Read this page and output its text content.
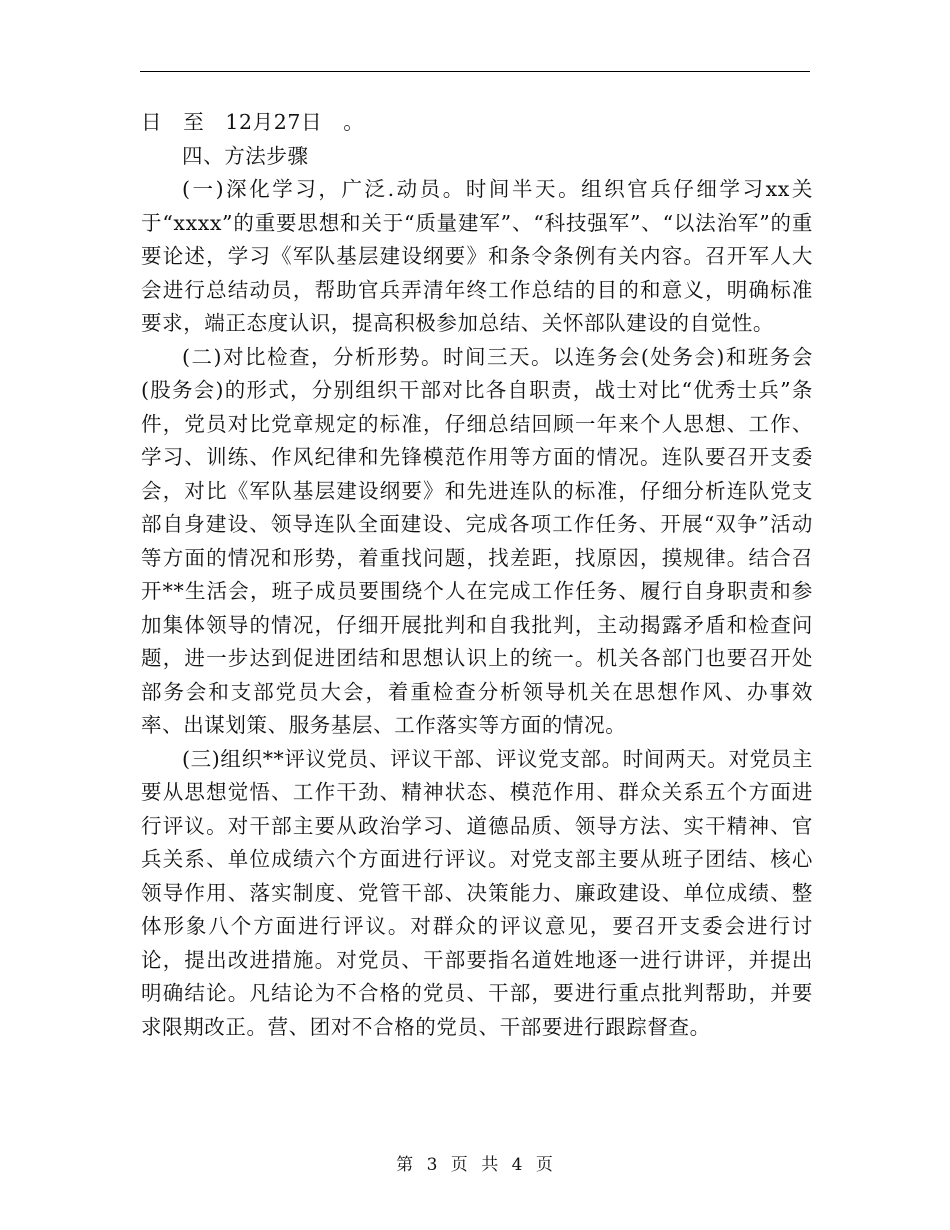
日　至　12月27日　。

四、方法步骤

(一)深化学习，广泛.动员。时间半天。组织官兵仔细学习xx关于“xxxx”的重要思想和关于“质量建军”、“科技强军”、“以法治军”的重要论述，学习《军队基层建设纲要》和条令条例有关内容。召开军人大会进行总结动员，帮助官兵弄清年终工作总结的目的和意义，明确标准要求，端正态度认识，提高积极参加总结、关怀部队建设的自觉性。

(二)对比检查，分析形势。时间三天。以连务会(处务会)和班务会(股务会)的形式，分别组织干部对比各自职责，战士对比“优秀士兵”条件，党员对比党章规定的标准，仔细总结回顾一年来个人思想、工作、学习、训练、作风纪律和先锋模范作用等方面的情况。连队要召开支委会，对比《军队基层建设纲要》和先进连队的标准，仔细分析连队党支部自身建设、领导连队全面建设、完成各项工作任务、开展“双争”活动等方面的情况和形势，着重找问题，找差距，找原因，摸规律。结合召开**生活会，班子成员要围绕个人在完成工作任务、履行自身职责和参加集体领导的情况，仔细开展批判和自我批判，主动揭露矛盾和检查问题，进一步达到促进团结和思想认识上的统一。机关各部门也要召开处部务会和支部党员大会，着重检查分析领导机关在思想作风、办事效率、出谋划策、服务基层、工作落实等方面的情况。

(三)组织**评议党员、评议干部、评议党支部。时间两天。对党员主要从思想觉悟、工作干劲、精神状态、模范作用、群众关系五个方面进行评议。对干部主要从政治学习、道德品质、领导方法、实干精神、官兵关系、单位成绩六个方面进行评议。对党支部主要从班子团结、核心领导作用、落实制度、党管干部、决策能力、廉政建设、单位成绩、整体形象八个方面进行评议。对群众的评议意见，要召开支委会进行讨论，提出改进措施。对党员、干部要指名道姓地逐一进行讲评，并提出明确结论。凡结论为不合格的党员、干部，要进行重点批判帮助，并要求限期改正。营、团对不合格的党员、干部要进行跟踪督查。

第 3 页 共 4 页
